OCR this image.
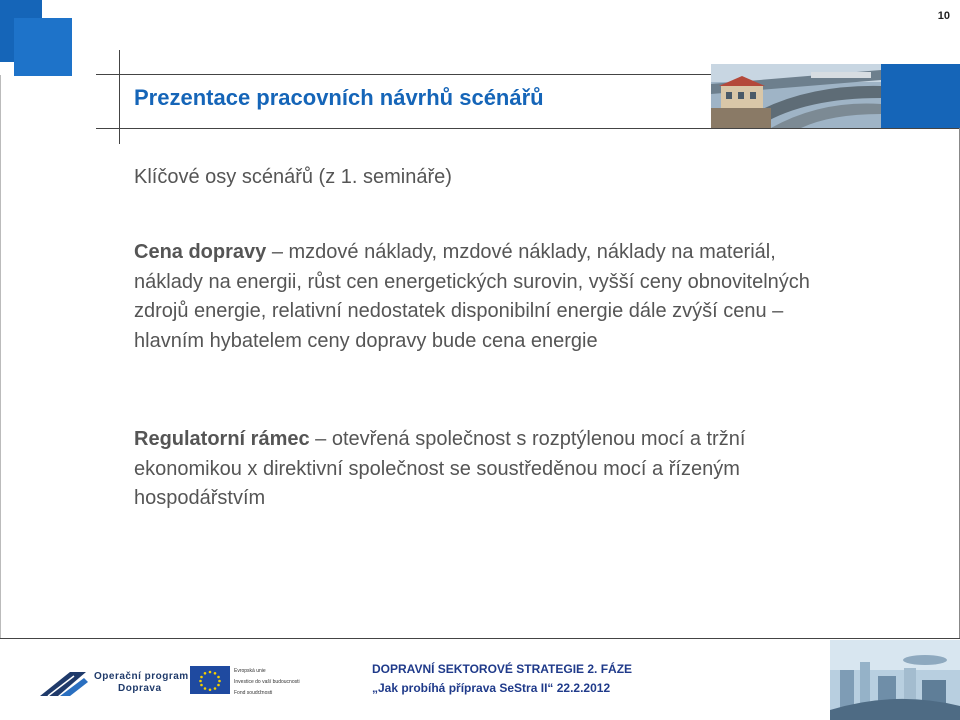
10
Prezentace pracovních návrhů scénářů

Klíčové osy scénářů (z 1. semináře)

Cena dopravy – mzdové náklady, mzdové náklady, náklady na materiál, náklady na energii, růst cen energetických surovin, vyšší ceny obnovitelných zdrojů energie, relativní nedostatek disponibilní energie dále zvýší cenu – hlavním hybatelem ceny dopravy bude cena energie

Regulatorní rámec – otevřená společnost s rozptýlenou mocí a tržní ekonomikou x direktivní společnost se soustředěnou mocí a řízeným hospodářstvím

Operační program
Doprava
Evropská unie
Investice do vaší budoucnosti
Fond soudržnosti
DOPRAVNÍ SEKTOROVÉ STRATEGIE 2. FÁZE
„Jak probíhá příprava SeStra II“ 22.2.2012
